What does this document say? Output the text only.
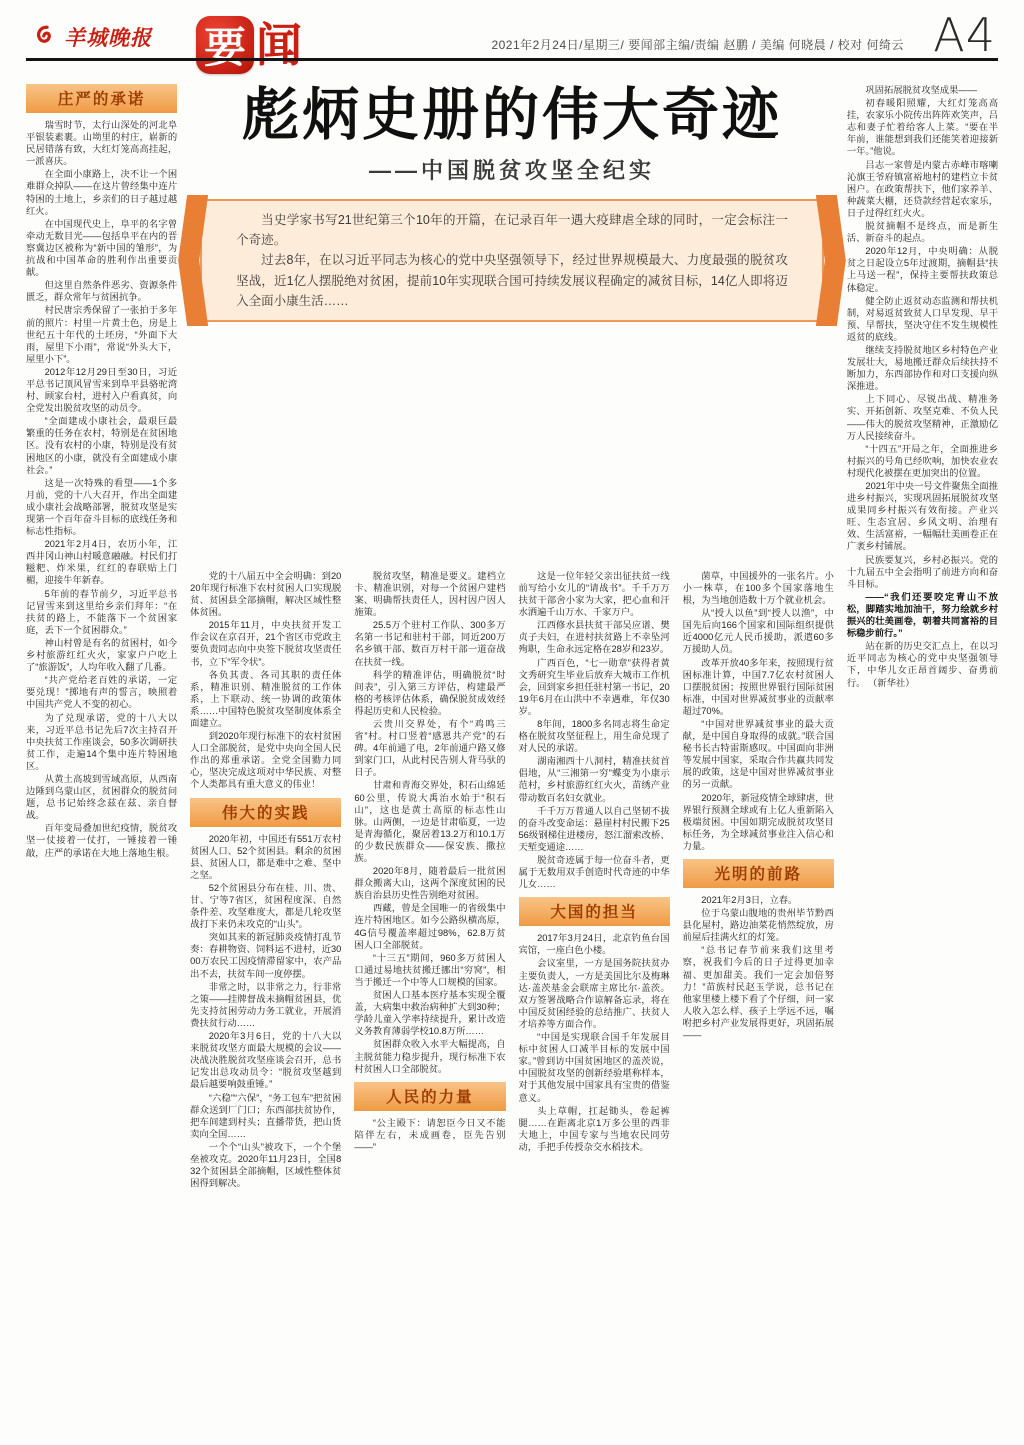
羊城晚报 要 闻	2021年2月24日/星期三/ 要闻部主编/责编 赵鹏 / 美编 何晓晨 / 校对 何绮云 A4
庄严的承诺

瑞雪时节，太行山深处的河北阜平银装素裹。山坳里的村庄，崭新的民居错落有致，大红灯笼高高挂起，一派喜庆。

在全面小康路上，决不让一个困难群众掉队——在这片曾经集中连片特困的土地上，乡亲们的日子越过越红火。

在中国现代史上，阜平的名字曾牵动无数目光——包括阜平在内的晋察冀边区被称为“新中国的雏形”，为抗战和中国革命的胜利作出重要贡献。

但这里自然条件恶劣、资源条件匮乏，群众常年与贫困抗争。

村民唐宗秀保留了一张拍于多年前的照片：村里一片黄土色，房是上世纪五十年代的土坯房，“外面下大雨，屋里下小雨”，常说“外头大下，屋里小下”。

2012年12月29日至30日，习近平总书记顶风冒雪来到阜平县骆驼湾村、顾家台村，进村入户看真贫，向全党发出脱贫攻坚的动员令。

“全面建成小康社会，最艰巨最繁重的任务在农村，特别是在贫困地区。没有农村的小康，特别是没有贫困地区的小康，就没有全面建成小康社会。”

这是一次特殊的看望——1个多月前，党的十八大召开，作出全面建成小康社会战略部署，脱贫攻坚是实现第一个百年奋斗目标的底线任务和标志性指标。

2021年2月4日，农历小年，江西井冈山神山村暖意融融。村民们打糍粑、炸米果，红红的春联贴上门楣，迎接牛年新春。

5年前的春节前夕，习近平总书记冒雪来到这里给乡亲们拜年：“在扶贫的路上，不能落下一个贫困家庭，丢下一个贫困群众。”

神山村曾是有名的贫困村，如今乡村旅游红红火火，家家户户吃上了“旅游饭”，人均年收入翻了几番。

“共产党给老百姓的承诺，一定要兑现！”掷地有声的誓言，映照着中国共产党人不变的初心。

为了兑现承诺，党的十八大以来，习近平总书记先后7次主持召开中央扶贫工作座谈会，50多次调研扶贫工作，走遍14个集中连片特困地区。

从黄土高坡到雪域高原，从西南边陲到乌蒙山区，贫困群众的脱贫问题，总书记始终念兹在兹、亲自督战。

百年变局叠加世纪疫情，脱贫攻坚一仗接着一仗打，一锤接着一锤敲，庄严的承诺在大地上落地生根。

彪炳史册的伟大奇迹
——中国脱贫攻坚全纪实

当史学家书写21世纪第三个10年的开篇，在记录百年一遇大疫肆虐全球的同时，一定会标注一个奇迹。

过去8年，在以习近平同志为核心的党中央坚强领导下，经过世界规模最大、力度最强的脱贫攻坚战，近1亿人摆脱绝对贫困，提前10年实现联合国可持续发展议程确定的减贫目标，14亿人即将迈入全面小康生活……

党的十八届五中全会明确：到2020年现行标准下农村贫困人口实现脱贫、贫困县全部摘帽，解决区域性整体贫困。

2015年11月，中央扶贫开发工作会议在京召开，21个省区市党政主要负责同志向中央签下脱贫攻坚责任书，立下“军令状”。

各负其责、各司其职的责任体系，精准识别、精准脱贫的工作体系，上下联动、统一协调的政策体系……中国特色脱贫攻坚制度体系全面建立。

到2020年现行标准下的农村贫困人口全部脱贫，是党中央向全国人民作出的郑重承诺。全党全国勠力同心，坚决完成这项对中华民族、对整个人类都具有重大意义的伟业！

伟大的实践

2020年初，中国还有551万农村贫困人口、52个贫困县。剩余的贫困县、贫困人口，都是难中之难、坚中之坚。

52个贫困县分布在桂、川、贵、甘、宁等7省区，贫困程度深、自然条件差、攻坚难度大，都是几轮攻坚战打下来仍未攻克的“山头”。

突如其来的新冠肺炎疫情打乱节奏：春耕物资、饲料运不进村，近3000万农民工因疫情滞留家中，农产品出不去，扶贫车间一度停摆。

非常之时，以非常之力，行非常之策——挂牌督战未摘帽贫困县，优先支持贫困劳动力务工就业，开展消费扶贫行动……

2020年3月6日，党的十八大以来脱贫攻坚方面最大规模的会议——决战决胜脱贫攻坚座谈会召开，总书记发出总攻动员令：“脱贫攻坚越到最后越要响鼓重锤。”

“六稳”“六保”，“务工包车”把贫困群众送到厂门口；东西部扶贫协作，把车间建到村头；直播带货，把山货卖向全国……

一个个“山头”被攻下，一个个堡垒被攻克。2020年11月23日，全国832个贫困县全部摘帽，区域性整体贫困得到解决。

脱贫攻坚，精准是要义。建档立卡、精准识别，对每一个贫困户建档案、明确帮扶责任人，因村因户因人施策。

25.5万个驻村工作队、300多万名第一书记和驻村干部，同近200万名乡镇干部、数百万村干部一道奋战在扶贫一线。

科学的精准评估，明确脱贫“时间表”，引入第三方评估，构建最严格的考核评估体系，确保脱贫成效经得起历史和人民检验。

云贵川交界处，有个“鸡鸣三省”村。村口竖着“感恩共产党”的石碑。4年前通了电，2年前通户路又修到家门口，从此村民告别人背马驮的日子。

甘肃和青海交界处，积石山绵延60公里，传说大禹治水始于“积石山”，这也是黄土高原的标志性山脉。山两侧，一边是甘肃临夏，一边是青海循化，聚居着13.2万和10.1万的少数民族群众——保安族、撒拉族。

2020年8月，随着最后一批贫困群众搬离大山，这两个深度贫困的民族自治县历史性告别绝对贫困。

西藏，曾是全国唯一的省级集中连片特困地区。如今公路纵横高原，4G信号覆盖率超过98%，62.8万贫困人口全部脱贫。

“十三五”期间，960多万贫困人口通过易地扶贫搬迁挪出“穷窝”，相当于搬迁一个中等人口规模的国家。

贫困人口基本医疗基本实现全覆盖，大病集中救治病种扩大到30种；学龄儿童入学率持续提升，累计改造义务教育薄弱学校10.8万所……

贫困群众收入水平大幅提高，自主脱贫能力稳步提升，现行标准下农村贫困人口全部脱贫。

人民的力量

“公主殿下：请恕臣今日又不能陪伴左右，未成画卷，臣先告别——”

这是一位年轻父亲出征扶贫一线前写给小女儿的“请战书”。千千万万扶贫干部舍小家为大家，把心血和汗水洒遍千山万水、千家万户。

江西修水县扶贫干部吴应谱、樊贞子夫妇，在进村扶贫路上不幸坠河殉职，生命永远定格在28岁和23岁。

广西百色，“七一勋章”获得者黄文秀研究生毕业后放弃大城市工作机会，回到家乡担任驻村第一书记，2019年6月在山洪中不幸遇难，年仅30岁。

8年间，1800多名同志将生命定格在脱贫攻坚征程上，用生命兑现了对人民的承诺。

湖南湘西十八洞村，精准扶贫首倡地，从“三湘第一穷”蝶变为小康示范村，乡村旅游红红火火，苗绣产业带动数百名妇女就业。

千千万万普通人以自己坚韧不拔的奋斗改变命运：悬崖村村民搬下2556级钢梯住进楼房，怒江溜索改桥、天堑变通途……

脱贫奇迹属于每一位奋斗者，更属于无数用双手创造时代奇迹的中华儿女……

大国的担当

2017年3月24日，北京钓鱼台国宾馆，一座白色小楼。

会议室里，一方是国务院扶贫办主要负责人，一方是美国比尔及梅琳达·盖茨基金会联席主席比尔·盖茨。双方签署战略合作谅解备忘录，将在中国反贫困经验的总结推广、扶贫人才培养等方面合作。

“中国是实现联合国千年发展目标中贫困人口减半目标的发展中国家。”曾到访中国贫困地区的盖茨说，中国脱贫攻坚的创新经验堪称样本，对于其他发展中国家具有宝贵的借鉴意义。

头上草帽，扛起锄头，卷起裤腿……在距离北京1万多公里的西非大地上，中国专家与当地农民同劳动，手把手传授杂交水稻技术。

菌草，中国援外的一张名片。小小一株草，在100多个国家落地生根，为当地创造数十万个就业机会。

从“授人以鱼”到“授人以渔”，中国先后向166个国家和国际组织提供近4000亿元人民币援助，派遣60多万援助人员。

改革开放40多年来，按照现行贫困标准计算，中国7.7亿农村贫困人口摆脱贫困；按照世界银行国际贫困标准，中国对世界减贫事业的贡献率超过70%。

“中国对世界减贫事业的最大贡献，是中国自身取得的成就。”联合国秘书长古特雷斯感叹。中国面向非洲等发展中国家，采取合作共赢共同发展的政策，这是中国对世界减贫事业的另一贡献。

2020年，新冠疫情全球肆虐，世界银行预测全球或有上亿人重新陷入极端贫困。中国如期完成脱贫攻坚目标任务，为全球减贫事业注入信心和力量。

光明的前路

2021年2月3日，立春。

位于乌蒙山腹地的贵州毕节黔西县化屋村，路边油菜花悄然绽放，房前屋后挂满火红的灯笼。

“总书记春节前来我们这里考察，祝我们今后的日子过得更加幸福、更加甜美。我们一定会加倍努力！”苗族村民赵玉学说，总书记在他家里楼上楼下看了个仔细，问一家人收入怎么样、孩子上学远不远，嘱咐把乡村产业发展得更好，巩固拓展——

巩固拓展脱贫攻坚成果——

初春暖阳照耀，大红灯笼高高挂，农家乐小院传出阵阵欢笑声，吕志和妻子忙着给客人上菜。“要在半年前，谁能想到我们还能笑着迎接新一年。”他说。

吕志一家曾是内蒙古赤峰市喀喇沁旗王爷府镇富裕地村的建档立卡贫困户。在政策帮扶下，他们家养羊、种蔬菜大棚，还贷款经营起农家乐，日子过得红红火火。

脱贫摘帽不是终点，而是新生活、新奋斗的起点。

2020年12月，中央明确：从脱贫之日起设立5年过渡期，摘帽县“扶上马送一程”，保持主要帮扶政策总体稳定。

健全防止返贫动态监测和帮扶机制，对易返贫致贫人口早发现、早干预、早帮扶，坚决守住不发生规模性返贫的底线。

继续支持脱贫地区乡村特色产业发展壮大，易地搬迁群众后续扶持不断加力，东西部协作和对口支援向纵深推进。

上下同心、尽锐出战、精准务实、开拓创新、攻坚克难、不负人民——伟大的脱贫攻坚精神，正激励亿万人民接续奋斗。

“十四五”开局之年，全面推进乡村振兴的号角已经吹响，加快农业农村现代化被摆在更加突出的位置。

2021年中央一号文件聚焦全面推进乡村振兴，实现巩固拓展脱贫攻坚成果同乡村振兴有效衔接。产业兴旺、生态宜居、乡风文明、治理有效、生活富裕，一幅幅壮美画卷正在广袤乡村铺展。

民族要复兴，乡村必振兴。党的十九届五中全会指明了前进方向和奋斗目标。

——“我们还要咬定青山不放松，脚踏实地加油干，努力绘就乡村振兴的壮美画卷，朝着共同富裕的目标稳步前行。”

站在新的历史交汇点上，在以习近平同志为核心的党中央坚强领导下，中华儿女正昂首阔步、奋勇前行。 （新华社）
